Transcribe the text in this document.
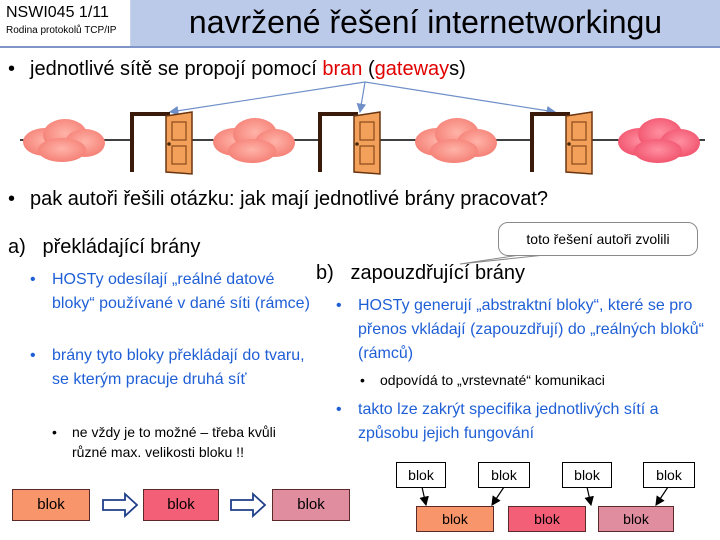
NSWI045 1/11
Rodina protokolů TCP/IP	navržené řešení internetworkingu
• jednotlivé sítě se propojí pomocí bran (gateways)
• pak autoři řešili otázku: jak mají jednotlivé brány pracovat?
toto řešení autoři zvolili
a) překládající brány
• HOSTy odesílají „reálné datové bloky“ používané v dané síti (rámce)
• brány tyto bloky překládají do tvaru, se kterým pracuje druhá síť
• ne vždy je to možné – třeba kvůli různé max. velikosti bloku !!
b) zapouzdřující brány
• HOSTy generují „abstraktní bloky“, které se pro přenos vkládají (zapouzdřují) do „reálných bloků“ (rámců)
• odpovídá to „vrstevnaté“ komunikaci
• takto lze zakrýt specifika jednotlivých sítí a způsobu jejich fungování
blok	blok	blok
blok	blok	blok	blok
blok	blok	blok
